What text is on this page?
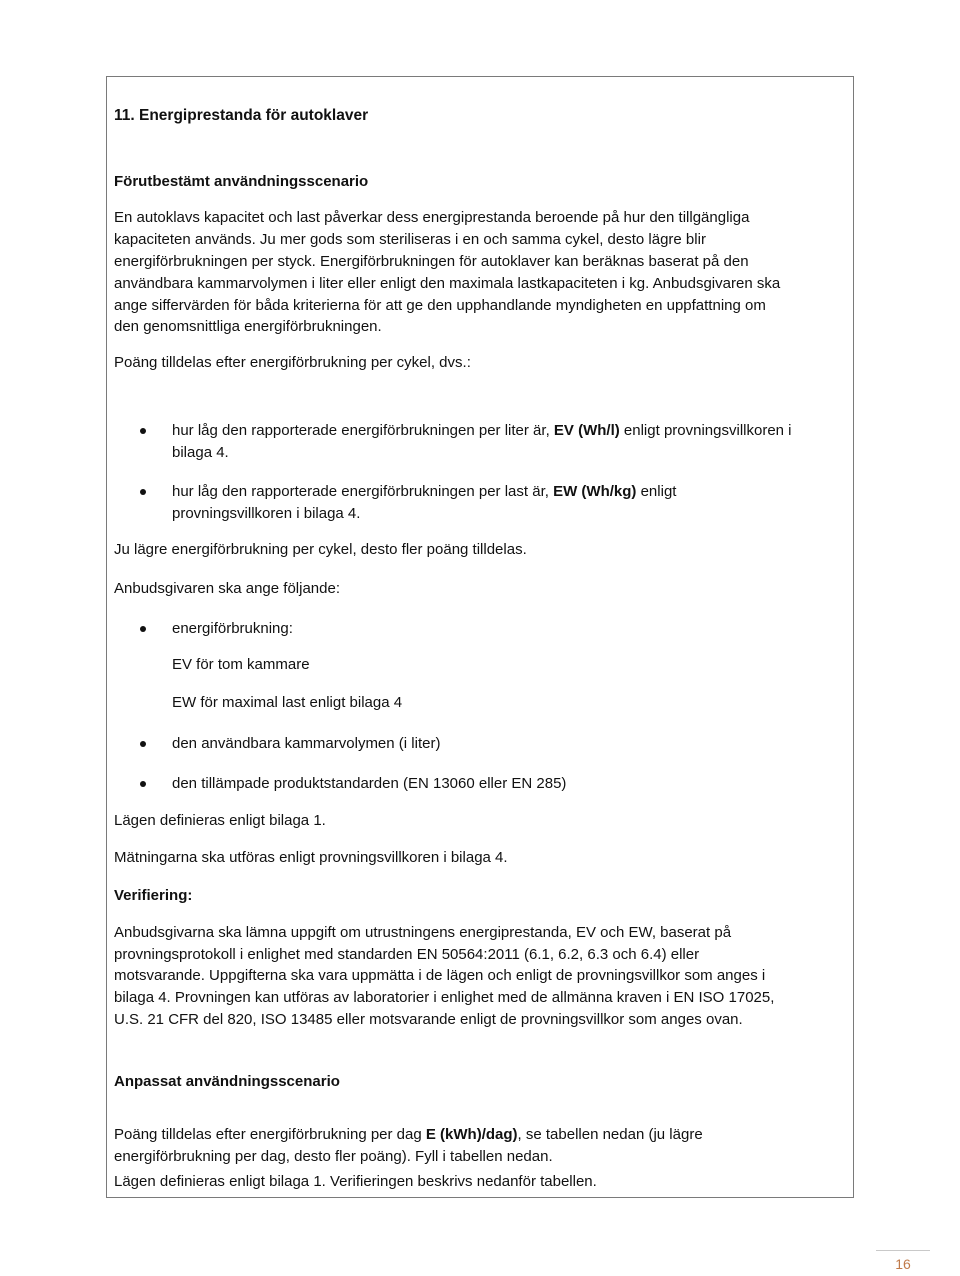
11. Energiprestanda för autoklaver
Förutbestämt användningsscenario
En autoklavs kapacitet och last påverkar dess energiprestanda beroende på hur den tillgängliga
kapaciteten används. Ju mer gods som steriliseras i en och samma cykel, desto lägre blir
energiförbrukningen per styck. Energiförbrukningen för autoklaver kan beräknas baserat på den
användbara kammarvolymen i liter eller enligt den maximala lastkapaciteten i kg. Anbudsgivaren ska
ange siffervärden för båda kriterierna för att ge den upphandlande myndigheten en uppfattning om
den genomsnittliga energiförbrukningen.
Poäng tilldelas efter energiförbrukning per cykel, dvs.:
hur låg den rapporterade energiförbrukningen per liter är, EV (Wh/l) enligt provningsvillkoren i
bilaga 4.
hur låg den rapporterade energiförbrukningen per last är, EW (Wh/kg) enligt
provningsvillkoren i bilaga 4.
Ju lägre energiförbrukning per cykel, desto fler poäng tilldelas.
Anbudsgivaren ska ange följande:
energiförbrukning:
EV för tom kammare
EW för maximal last enligt bilaga 4
den användbara kammarvolymen (i liter)
den tillämpade produktstandarden (EN 13060 eller EN 285)
Lägen definieras enligt bilaga 1.
Mätningarna ska utföras enligt provningsvillkoren i bilaga 4.
Verifiering:
Anbudsgivarna ska lämna uppgift om utrustningens energiprestanda, EV och EW, baserat på
provningsprotokoll i enlighet med standarden EN 50564:2011 (6.1, 6.2, 6.3 och 6.4) eller
motsvarande. Uppgifterna ska vara uppmätta i de lägen och enligt de provningsvillkor som anges i
bilaga 4. Provningen kan utföras av laboratorier i enlighet med de allmänna kraven i EN ISO 17025,
U.S. 21 CFR del 820, ISO 13485 eller motsvarande enligt de provningsvillkor som anges ovan.
Anpassat användningsscenario
Poäng tilldelas efter energiförbrukning per dag E (kWh)/dag), se tabellen nedan (ju lägre
energiförbrukning per dag, desto fler poäng). Fyll i tabellen nedan.
Lägen definieras enligt bilaga 1. Verifieringen beskrivs nedanför tabellen.
16
